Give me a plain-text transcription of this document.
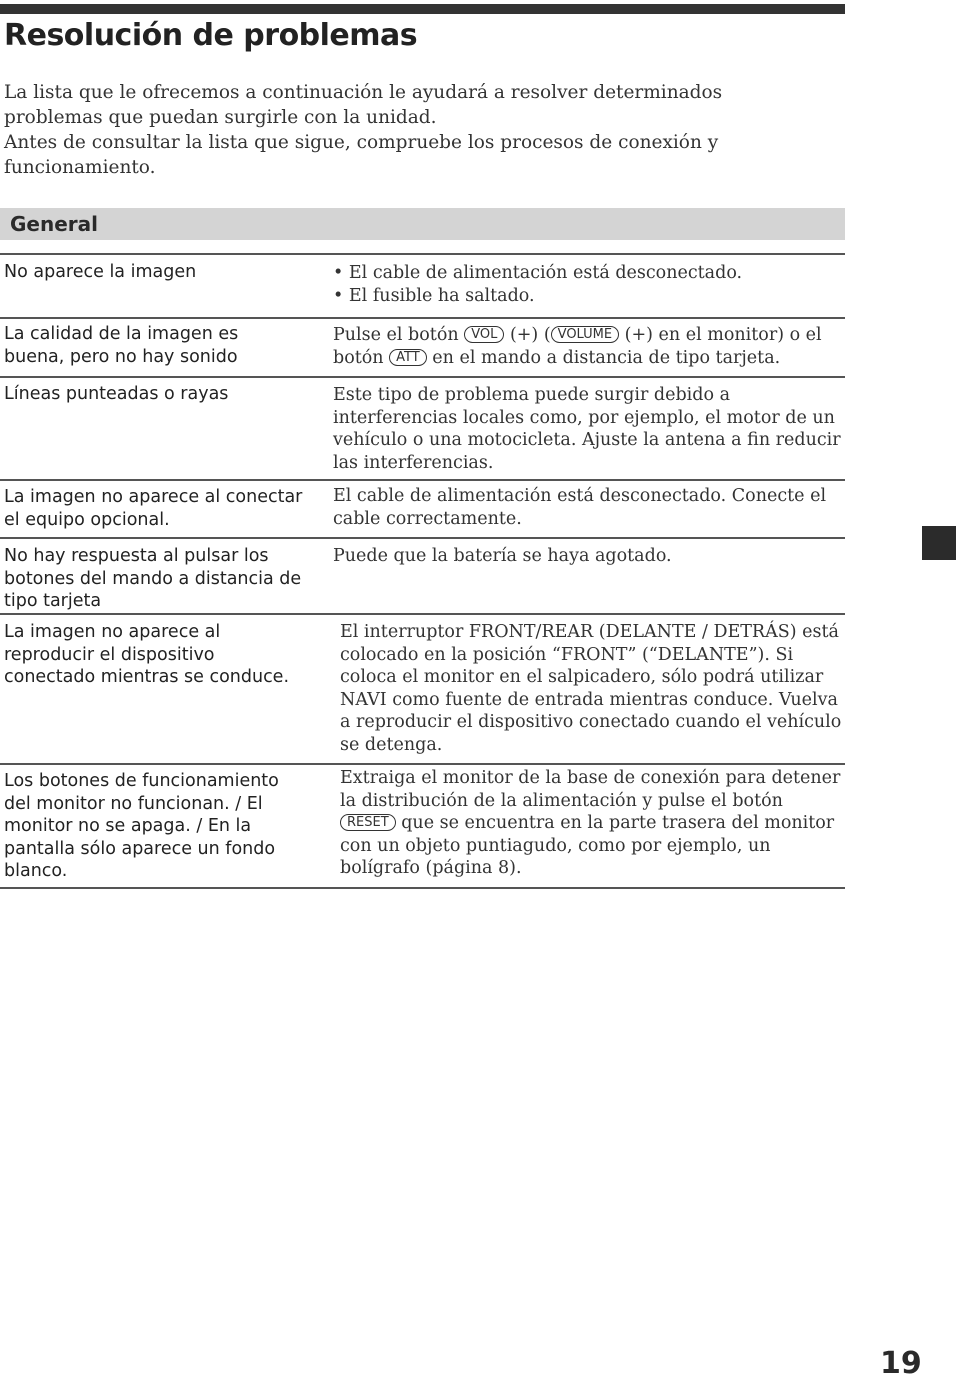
Resolución de problemas

La lista que le ofrecemos a continuación le ayudará a resolver determinados

problemas que puedan surgirle con la unidad.

Antes de consultar la lista que sigue, compruebe los procesos de conexión y

funcionamiento.

General
No aparece la imagen	• El cable de alimentación está desconectado.

• El fusible ha saltado.

La calidad de la imagen es buena, pero no hay sonido
Pulse el botón VOL (+) ( VOLUME (+) en el monitor) o el botón ATT en el mando a distancia de tipo tarjeta.
Líneas punteadas o rayas	Este tipo de problema puede surgir debido a interferencias locales como, por ejemplo, el motor de un vehículo o una motocicleta. Ajuste la antena a fin reducir las interferencias.
La imagen no aparece al conectar el equipo opcional.
El cable de alimentación está desconectado. Conecte el cable correctamente.
No hay respuesta al pulsar los botones del mando a distancia de tipo tarjeta
Puede que la batería se haya agotado.
La imagen no aparece al reproducir el dispositivo conectado mientras se conduce.
El interruptor FRONT/REAR (DELANTE / DETRÁS) está colocado en la posición “FRONT” (“DELANTE”). Si coloca el monitor en el salpicadero, sólo podrá utilizar NAVI como fuente de entrada mientras conduce. Vuelva a reproducir el dispositivo conectado cuando el vehículo se detenga.
Los botones de funcionamiento del monitor no funcionan. / El monitor no se apaga. / En la pantalla sólo aparece un fondo blanco.
Extraiga el monitor de la base de conexión para detener la distribución de la alimentación y pulse el botón RESET que se encuentra en la parte trasera del monitor con un objeto puntiagudo, como por ejemplo, un bolígrafo (página 8).
19
